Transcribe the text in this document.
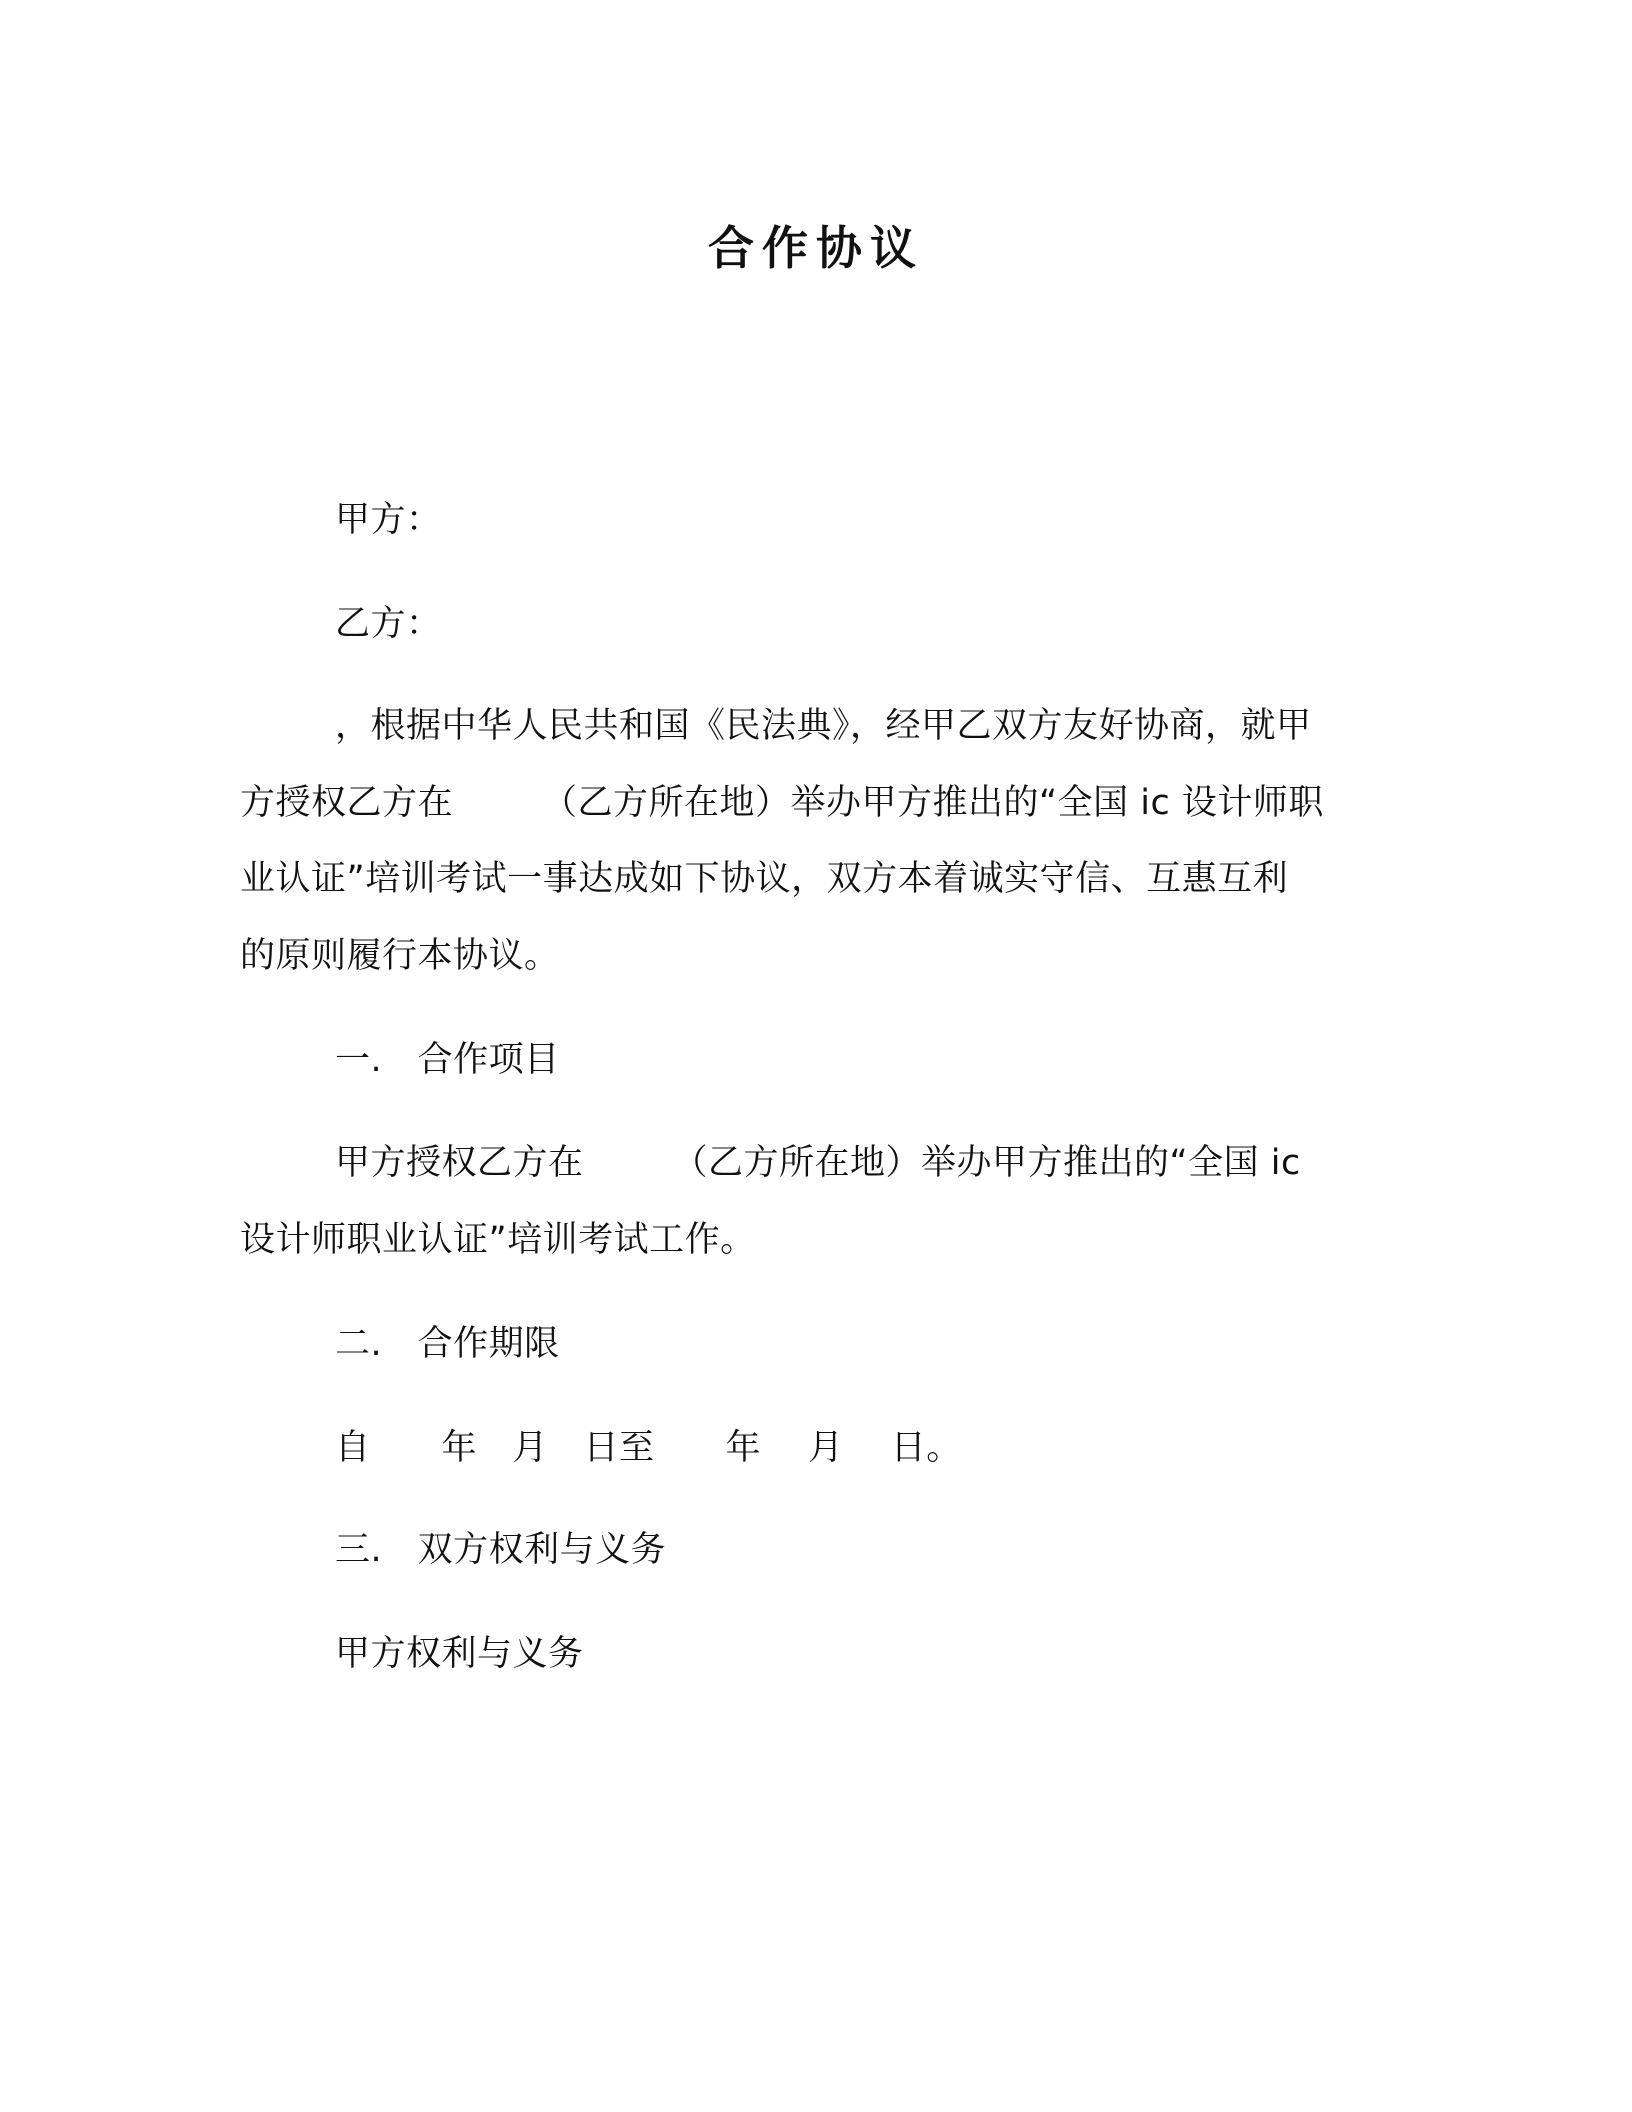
合作协议
甲方：
乙方：
，根据中华人民共和国《民法典》，经甲乙双方友好协商，就甲
方授权乙方在　　　（乙方所在地）举办甲方推出的“全国 ic 设计师职
业认证”培训考试一事达成如下协议，双方本着诚实守信、互惠互利
的原则履行本协议。
一.　合作项目
甲方授权乙方在　　　（乙方所在地）举办甲方推出的“全国 ic
设计师职业认证”培训考试工作。
二.　合作期限
自　　年　月　日至　　年　 月　 日。
三.　双方权利与义务
甲方权利与义务
